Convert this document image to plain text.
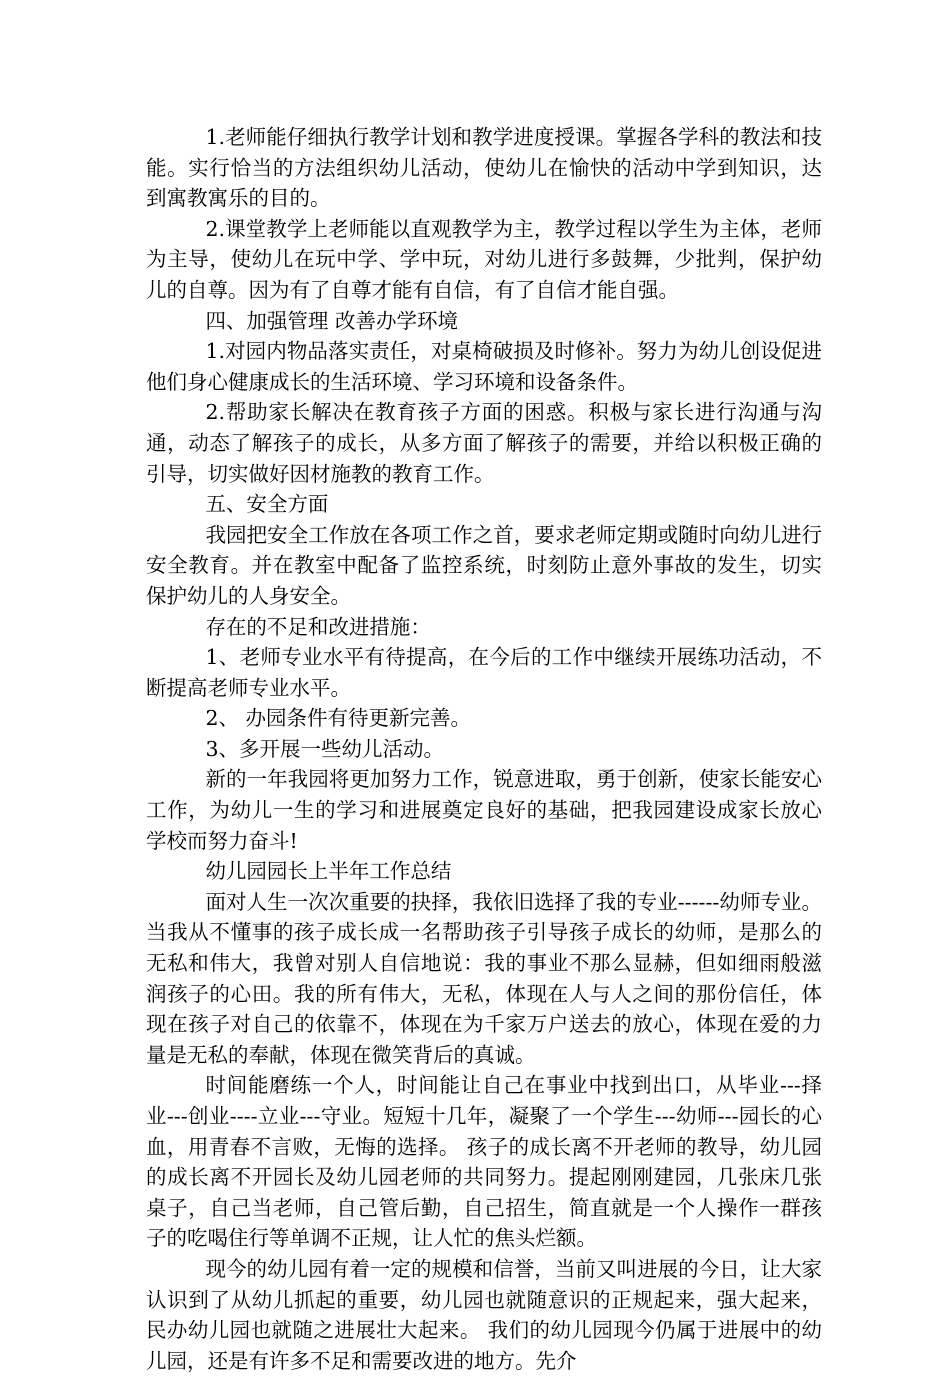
1.老师能仔细执行教学计划和教学进度授课。掌握各学科的教法和技能。实行恰当的方法组织幼儿活动，使幼儿在愉快的活动中学到知识，达到寓教寓乐的目的。

2.课堂教学上老师能以直观教学为主，教学过程以学生为主体，老师为主导，使幼儿在玩中学、学中玩，对幼儿进行多鼓舞，少批判，保护幼儿的自尊。因为有了自尊才能有自信，有了自信才能自强。

四、加强管理 改善办学环境

1.对园内物品落实责任，对桌椅破损及时修补。努力为幼儿创设促进他们身心健康成长的生活环境、学习环境和设备条件。

2.帮助家长解决在教育孩子方面的困惑。积极与家长进行沟通与沟通，动态了解孩子的成长，从多方面了解孩子的需要，并给以积极正确的引导，切实做好因材施教的教育工作。

五、安全方面

我园把安全工作放在各项工作之首，要求老师定期或随时向幼儿进行安全教育。并在教室中配备了监控系统，时刻防止意外事故的发生，切实保护幼儿的人身安全。

存在的不足和改进措施：

1、老师专业水平有待提高，在今后的工作中继续开展练功活动，不断提高老师专业水平。

2、 办园条件有待更新完善。

3、多开展一些幼儿活动。

新的一年我园将更加努力工作，锐意进取，勇于创新，使家长能安心工作，为幼儿一生的学习和进展奠定良好的基础，把我园建设成家长放心学校而努力奋斗!

幼儿园园长上半年工作总结

面对人生一次次重要的抉择，我依旧选择了我的专业------幼师专业。当我从不懂事的孩子成长成一名帮助孩子引导孩子成长的幼师，是那么的无私和伟大，我曾对别人自信地说：我的事业不那么显赫，但如细雨般滋润孩子的心田。我的所有伟大，无私，体现在人与人之间的那份信任，体现在孩子对自己的依靠不，体现在为千家万户送去的放心，体现在爱的力量是无私的奉献，体现在微笑背后的真诚。

时间能磨练一个人，时间能让自己在事业中找到出口，从毕业---择业---创业----立业---守业。短短十几年，凝聚了一个学生---幼师---园长的心血，用青春不言败，无悔的选择。 孩子的成长离不开老师的教导，幼儿园的成长离不开园长及幼儿园老师的共同努力。提起刚刚建园，几张床几张桌子，自己当老师，自己管后勤，自己招生，简直就是一个人操作一群孩子的吃喝住行等单调不正规，让人忙的焦头烂额。

现今的幼儿园有着一定的规模和信誉，当前又叫进展的今日，让大家认识到了从幼儿抓起的重要，幼儿园也就随意识的正规起来，强大起来，民办幼儿园也就随之进展壮大起来。 我们的幼儿园现今仍属于进展中的幼儿园，还是有许多不足和需要改进的地方。先介
